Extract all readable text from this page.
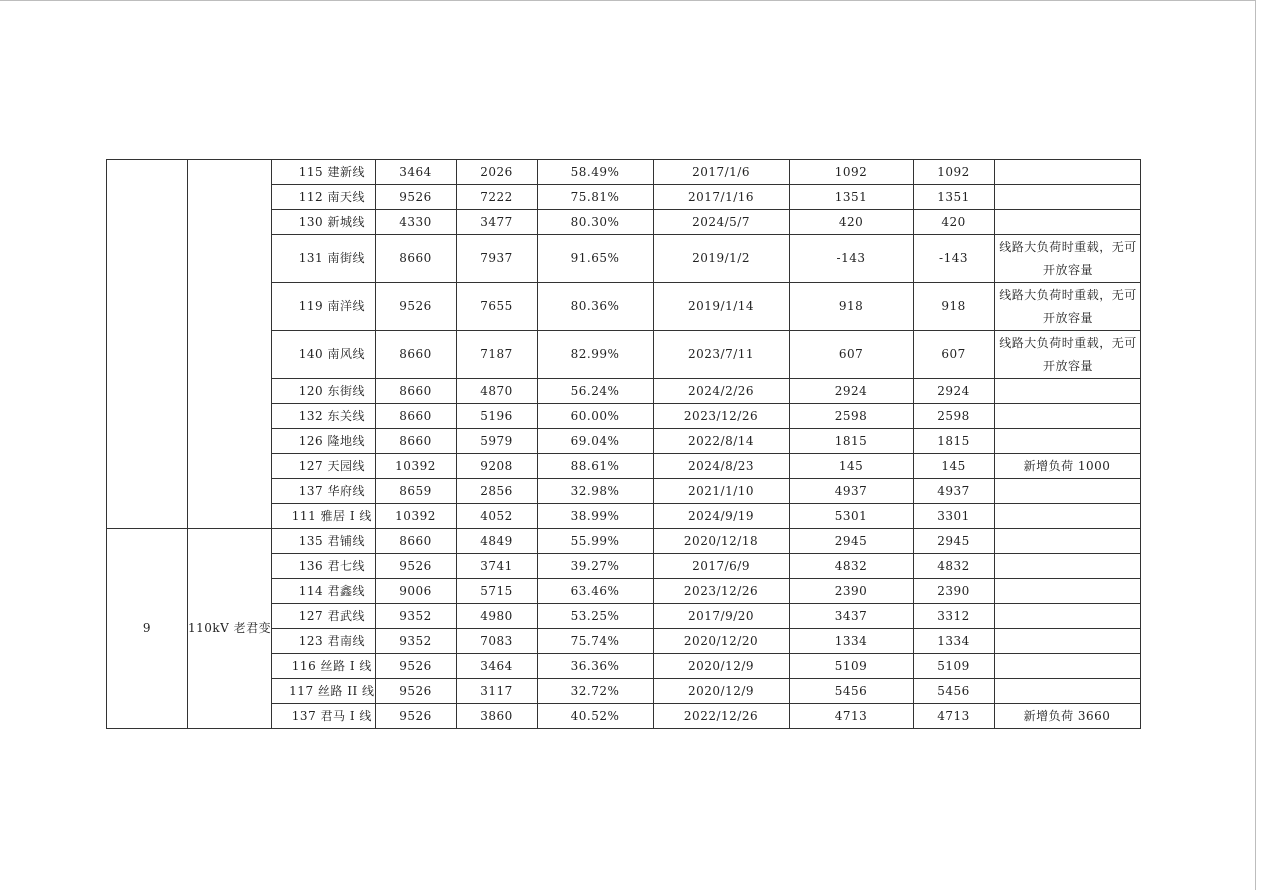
		115 建新线	3464	2026	58.49%	2017/1/6	1092	1092	
		112 南天线	9526	7222	75.81%	2017/1/16	1351	1351	
		130 新城线	4330	3477	80.30%	2024/5/7	420	420	
		131 南街线	8660	7937	91.65%	2019/1/2	-143	-143	线路大负荷时重载，无可开放容量
		119 南洋线	9526	7655	80.36%	2019/1/14	918	918	线路大负荷时重载，无可开放容量
		140 南风线	8660	7187	82.99%	2023/7/11	607	607	线路大负荷时重载，无可开放容量
		120 东街线	8660	4870	56.24%	2024/2/26	2924	2924	
		132 东关线	8660	5196	60.00%	2023/12/26	2598	2598	
		126 隆地线	8660	5979	69.04%	2022/8/14	1815	1815	
		127 天园线	10392	9208	88.61%	2024/8/23	145	145	新增负荷 1000
		137 华府线	8659	2856	32.98%	2021/1/10	4937	4937	
		111 雅居 I 线	10392	4052	38.99%	2024/9/19	5301	3301	
9	110kV 老君变	135 君铺线	8660	4849	55.99%	2020/12/18	2945	2945	
		136 君七线	9526	3741	39.27%	2017/6/9	4832	4832	
		114 君鑫线	9006	5715	63.46%	2023/12/26	2390	2390	
		127 君武线	9352	4980	53.25%	2017/9/20	3437	3312	
		123 君南线	9352	7083	75.74%	2020/12/20	1334	1334	
		116 丝路 I 线	9526	3464	36.36%	2020/12/9	5109	5109	
		117 丝路 II 线	9526	3117	32.72%	2020/12/9	5456	5456	
		137 君马 I 线	9526	3860	40.52%	2022/12/26	4713	4713	新增负荷 3660
